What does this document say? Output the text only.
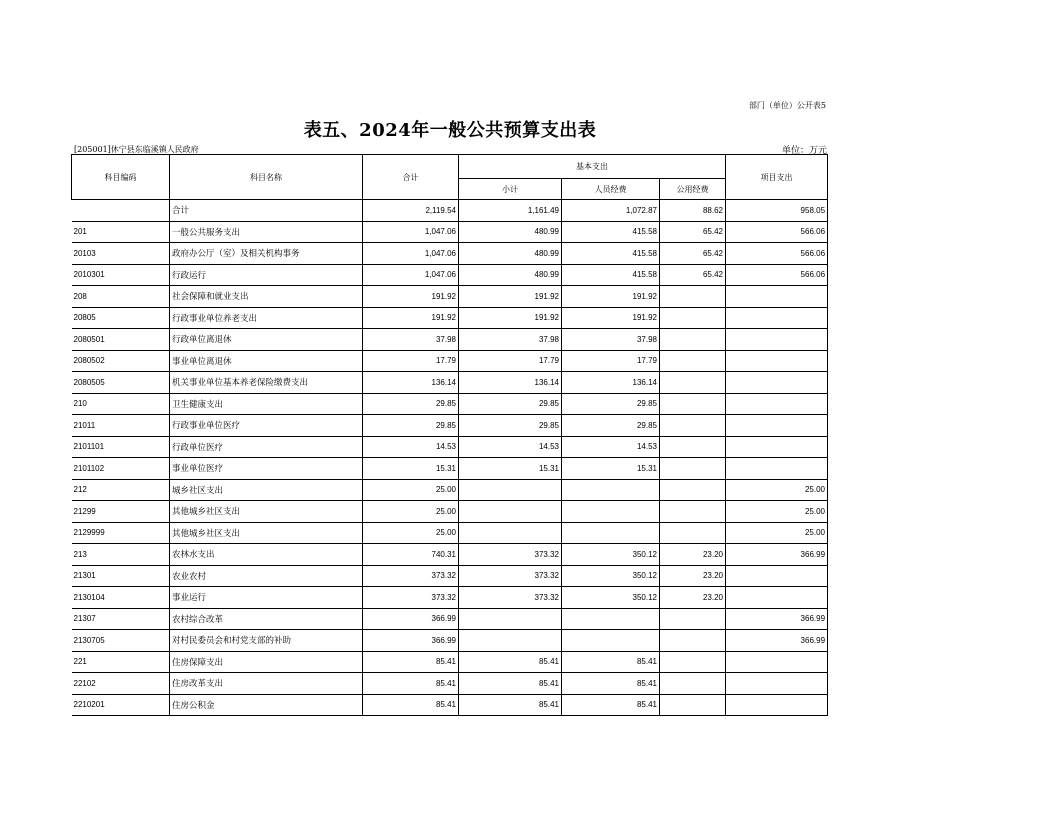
部门（单位）公开表5
表五、2024年一般公共预算支出表
[205001]休宁县东临溪镇人民政府	单位：万元
科目编码	科目名称	合计	基本支出			项目支出
			小计	人员经费	公用经费	
	合计	2,119.54	1,161.49	1,072.87	88.62	958.05
201	一般公共服务支出	1,047.06	480.99	415.58	65.42	566.06
20103	政府办公厅（室）及相关机构事务	1,047.06	480.99	415.58	65.42	566.06
2010301	行政运行	1,047.06	480.99	415.58	65.42	566.06
208	社会保障和就业支出	191.92	191.92	191.92		
20805	行政事业单位养老支出	191.92	191.92	191.92		
2080501	行政单位离退休	37.98	37.98	37.98		
2080502	事业单位离退休	17.79	17.79	17.79		
2080505	机关事业单位基本养老保险缴费支出	136.14	136.14	136.14		
210	卫生健康支出	29.85	29.85	29.85		
21011	行政事业单位医疗	29.85	29.85	29.85		
2101101	行政单位医疗	14.53	14.53	14.53		
2101102	事业单位医疗	15.31	15.31	15.31		
212	城乡社区支出	25.00				25.00
21299	其他城乡社区支出	25.00				25.00
2129999	其他城乡社区支出	25.00				25.00
213	农林水支出	740.31	373.32	350.12	23.20	366.99
21301	农业农村	373.32	373.32	350.12	23.20	
2130104	事业运行	373.32	373.32	350.12	23.20	
21307	农村综合改革	366.99				366.99
2130705	对村民委员会和村党支部的补助	366.99				366.99
221	住房保障支出	85.41	85.41	85.41		
22102	住房改革支出	85.41	85.41	85.41		
2210201	住房公积金	85.41	85.41	85.41		
